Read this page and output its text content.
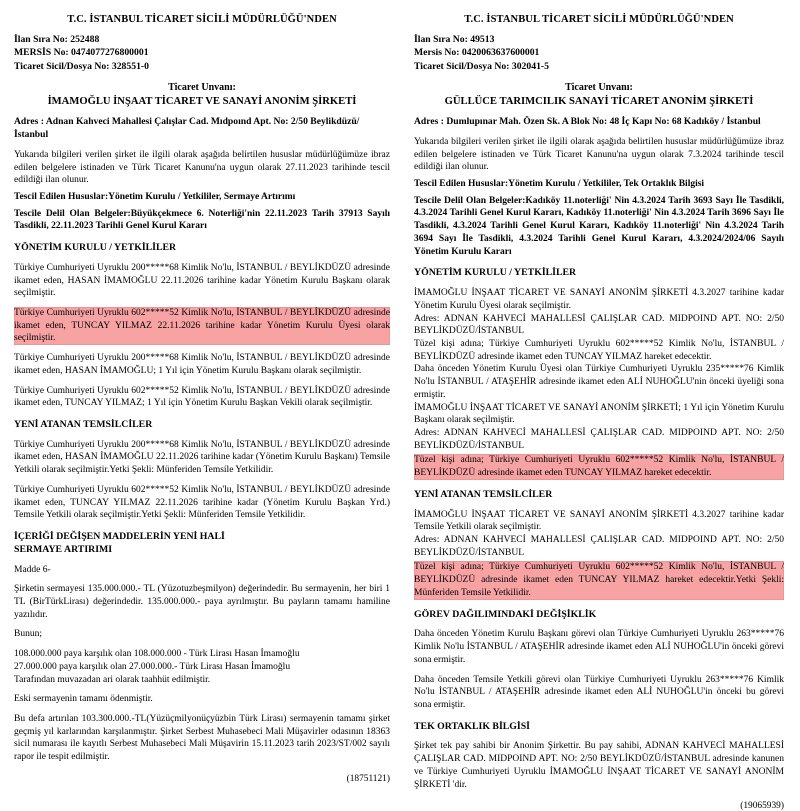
T.C. İSTANBUL TİCARET SİCİLİ MÜDÜRLÜĞÜ'NDEN
İlan Sıra No: 252488
MERSİS No: 0474077276800001
Ticaret Sicil/Dosya No: 328551-0
Ticaret Unvanı:
İMAMOĞLU İNŞAAT TİCARET VE SANAYİ ANONİM ŞİRKETİ
Adres : Adnan Kahveci Mahallesi Çalışlar Cad. Mıdpoınd Apt. No: 2/50 Beylikdüzü/İstanbul
Yukarıda bilgileri verilen şirket ile ilgili olarak aşağıda belirtilen hususlar müdürlüğümüze ibraz edilen belgelere istinaden ve Türk Ticaret Kanunu'na uygun olarak 27.11.2023 tarihinde tescil edildiği ilan olunur.
Tescil Edilen Hususlar:Yönetim Kurulu / Yetkililer, Sermaye Artırımı
Tescile Delil Olan Belgeler:Büyükçekmece 6. Noterliği'nin 22.11.2023 Tarih 37913 Sayılı Tasdikli, 22.11.2023 Tarihli Genel Kurul Kararı
YÖNETİM KURULU / YETKİLİLER
Türkiye Cumhuriyeti Uyruklu 200*****68 Kimlik No'lu, İSTANBUL / BEYLİKDÜZÜ adresinde ikamet eden, HASAN İMAMOĞLU 22.11.2026 tarihine kadar Yönetim Kurulu Başkanı olarak seçilmiştir.
Türkiye Cumhuriyeti Uyruklu 602*****52 Kimlik No'lu, İSTANBUL / BEYLİKDÜZÜ adresinde ikamet eden, TUNCAY YILMAZ 22.11.2026 tarihine kadar Yönetim Kurulu Üyesi olarak seçilmiştir.
Türkiye Cumhuriyeti Uyruklu 200*****68 Kimlik No'lu, İSTANBUL / BEYLİKDÜZÜ adresinde ikamet eden, HASAN İMAMOĞLU; 1 Yıl için Yönetim Kurulu Başkanı olarak seçilmiştir.
Türkiye Cumhuriyeti Uyruklu 602*****52 Kimlik No'lu, İSTANBUL / BEYLİKDÜZÜ adresinde ikamet eden, TUNCAY YILMAZ; 1 Yıl için Yönetim Kurulu Başkan Vekili olarak seçilmiştir.
YENİ ATANAN TEMSİLCİLER
Türkiye Cumhuriyeti Uyruklu 200*****68 Kimlik No'lu, İSTANBUL / BEYLİKDÜZÜ adresinde ikamet eden, HASAN İMAMOĞLU 22.11.2026 tarihine kadar (Yönetim Kurulu Başkanı) Temsile Yetkili olarak seçilmiştir.Yetki Şekli: Münferiden Temsile Yetkilidir.
Türkiye Cumhuriyeti Uyruklu 602*****52 Kimlik No'lu, İSTANBUL / BEYLİKDÜZÜ adresinde ikamet eden, TUNCAY YILMAZ 22.11.2026 tarihine kadar (Yönetim Kurulu Başkan Yrd.) Temsile Yetkili olarak seçilmiştir.Yetki Şekli: Münferiden Temsile Yetkilidir.
İÇERİĞİ DEĞİŞEN MADDELERİN YENİ HALİ
SERMAYE ARTIRIMI
Madde 6-
Şirketin sermayesi 135.000.000.- TL (Yüzotuzbeşmilyon) değerindedir. Bu sermayenin, her biri 1 TL (BirTürkLirası) değerindedir. 135.000.000.- paya ayrılmıştır. Bu payların tamamı hamiline yazılıdır.
Bunun;
108.000.000 paya karşılık olan 108.000.000 - Türk Lirası Hasan İmamoğlu
27.000.000 paya karşılık olan 27.000.000.- Türk Lirası Hasan İmamoğlu
Tarafından muvazadan ari olarak taahhüt edilmiştir.
Eski sermayenin tamamı ödenmiştir.
Bu defa artırılan 103.300.000.-TL(Yüzüçmilyonüçyüzbin Türk Lirası) sermayenin tamamı şirket geçmiş yıl karlarından karşılanmıştır. Şirket Serbest Muhasebeci Mali Müşavirler odasının 18363 sicil numarası ile kayıtlı Serbest Muhasebeci Mali Müşavirin 15.11.2023 tarih 2023/ST/002 sayılı rapor ile tespit edilmiştir.
(18751121)
T.C. İSTANBUL TİCARET SİCİLİ MÜDÜRLÜĞÜ'NDEN
İlan Sıra No: 49513
Mersis No: 0420063637600001
Ticaret Sicil/Dosya No: 302041-5
Ticaret Unvanı:
GÜLLÜCE TARIMCILIK SANAYİ TİCARET ANONİM ŞİRKETİ
Adres : Dumlupınar Mah. Özen Sk. A Blok No: 48 İç Kapı No: 68 Kadıköy / İstanbul
Yukarıda bilgileri verilen şirket ile ilgili olarak aşağıda belirtilen hususlar müdürlüğümüze ibraz edilen belgelere istinaden ve Türk Ticaret Kanunu'na uygun olarak 7.3.2024 tarihinde tescil edildiği ilan olunur.
Tescil Edilen Hususlar:Yönetim Kurulu / Yetkililer, Tek Ortaklık Bilgisi
Tescile Delil Olan Belgeler:Kadıköy 11.noterliği' Nin 4.3.2024 Tarih 3693 Sayı İle Tasdikli, 4.3.2024 Tarihli Genel Kurul Kararı, Kadıköy 11.noterliği' Nin 4.3.2024 Tarih 3696 Sayı İle Tasdikli, 4.3.2024 Tarihli Genel Kurul Kararı, Kadıköy 11.noterliği' Nin 4.3.2024 Tarih 3694 Sayı İle Tasdikli, 4.3.2024 Tarihli Genel Kurul Kararı, 4.3.2024/2024/06 Sayılı Yönetim Kurulu Kararı
YÖNETİM KURULU / YETKİLİLER
İMAMOĞLU İNŞAAT TİCARET VE SANAYİ ANONİM ŞİRKETİ 4.3.2027 tarihine kadar Yönetim Kurulu Üyesi olarak seçilmiştir.
Adres: ADNAN KAHVECİ MAHALLESİ ÇALIŞLAR CAD. MIDPOIND APT. NO: 2/50 BEYLİKDÜZÜ/İSTANBUL
Tüzel kişi adına; Türkiye Cumhuriyeti Uyruklu 602*****52 Kimlik No'lu, İSTANBUL / BEYLİKDÜZÜ adresinde ikamet eden TUNCAY YILMAZ hareket edecektir.
Daha önceden Yönetim Kurulu Üyesi olan Türkiye Cumhuriyeti Uyruklu 235*****76 Kimlik No'lu İSTANBUL / ATAŞEHİR adresinde ikamet eden ALİ NUHOĞLU'nin önceki üyeliği sona ermiştir.
İMAMOĞLU İNŞAAT TİCARET VE SANAYİ ANONİM ŞİRKETİ; 1 Yıl için Yönetim Kurulu Başkanı olarak seçilmiştir.
Adres: ADNAN KAHVECİ MAHALLESİ ÇALIŞLAR CAD. MIDPOIND APT. NO: 2/50 BEYLİKDÜZÜ/İSTANBUL
Tüzel kişi adına; Türkiye Cumhuriyeti Uyruklu 602*****52 Kimlik No'lu, İSTANBUL / BEYLİKDÜZÜ adresinde ikamet eden TUNCAY YILMAZ hareket edecektir.
YENİ ATANAN TEMSİLCİLER
İMAMOĞLU İNŞAAT TİCARET VE SANAYİ ANONİM ŞİRKETİ 4.3.2027 tarihine kadar Temsile Yetkili olarak seçilmiştir.
Adres: ADNAN KAHVECİ MAHALLESİ ÇALIŞLAR CAD. MIDPOIND APT. NO: 2/50 BEYLİKDÜZÜ/İSTANBUL
Tüzel kişi adına; Türkiye Cumhuriyeti Uyruklu 602*****52 Kimlik No'lu, İSTANBUL / BEYLİKDÜZÜ adresinde ikamet eden TUNCAY YILMAZ hareket edecektir.Yetki Şekli: Münferiden Temsile Yetkilidir.
GÖREV DAĞILIMINDAKİ DEĞİŞİKLİK
Daha önceden Yönetim Kurulu Başkanı görevi olan Türkiye Cumhuriyeti Uyruklu 263*****76 Kimlik No'lu İSTANBUL / ATAŞEHİR adresinde ikamet eden ALİ NUHOĞLU'in önceki görevi sona ermiştir.
Daha önceden Temsile Yetkili görevi olan Türkiye Cumhuriyeti Uyruklu 263*****76 Kimlik No'lu İSTANBUL / ATAŞEHİR adresinde ikamet eden ALİ NUHOĞLU'in önceki bu görevi sona ermiştir.
TEK ORTAKLIK BİLGİSİ
Şirket tek pay sahibi bir Anonim Şirkettir. Bu pay sahibi, ADNAN KAHVECİ MAHALLESİ ÇALIŞLAR CAD. MIDPOIND APT. NO: 2/50 BEYLİKDÜZÜ/İSTANBUL adresinde kanunen ve Türkiye Cumhuriyeti Uyruklu İMAMOĞLU İNŞAAT TİCARET VE SANAYİ ANONİM ŞİRKETİ 'dir.
(19065939)
